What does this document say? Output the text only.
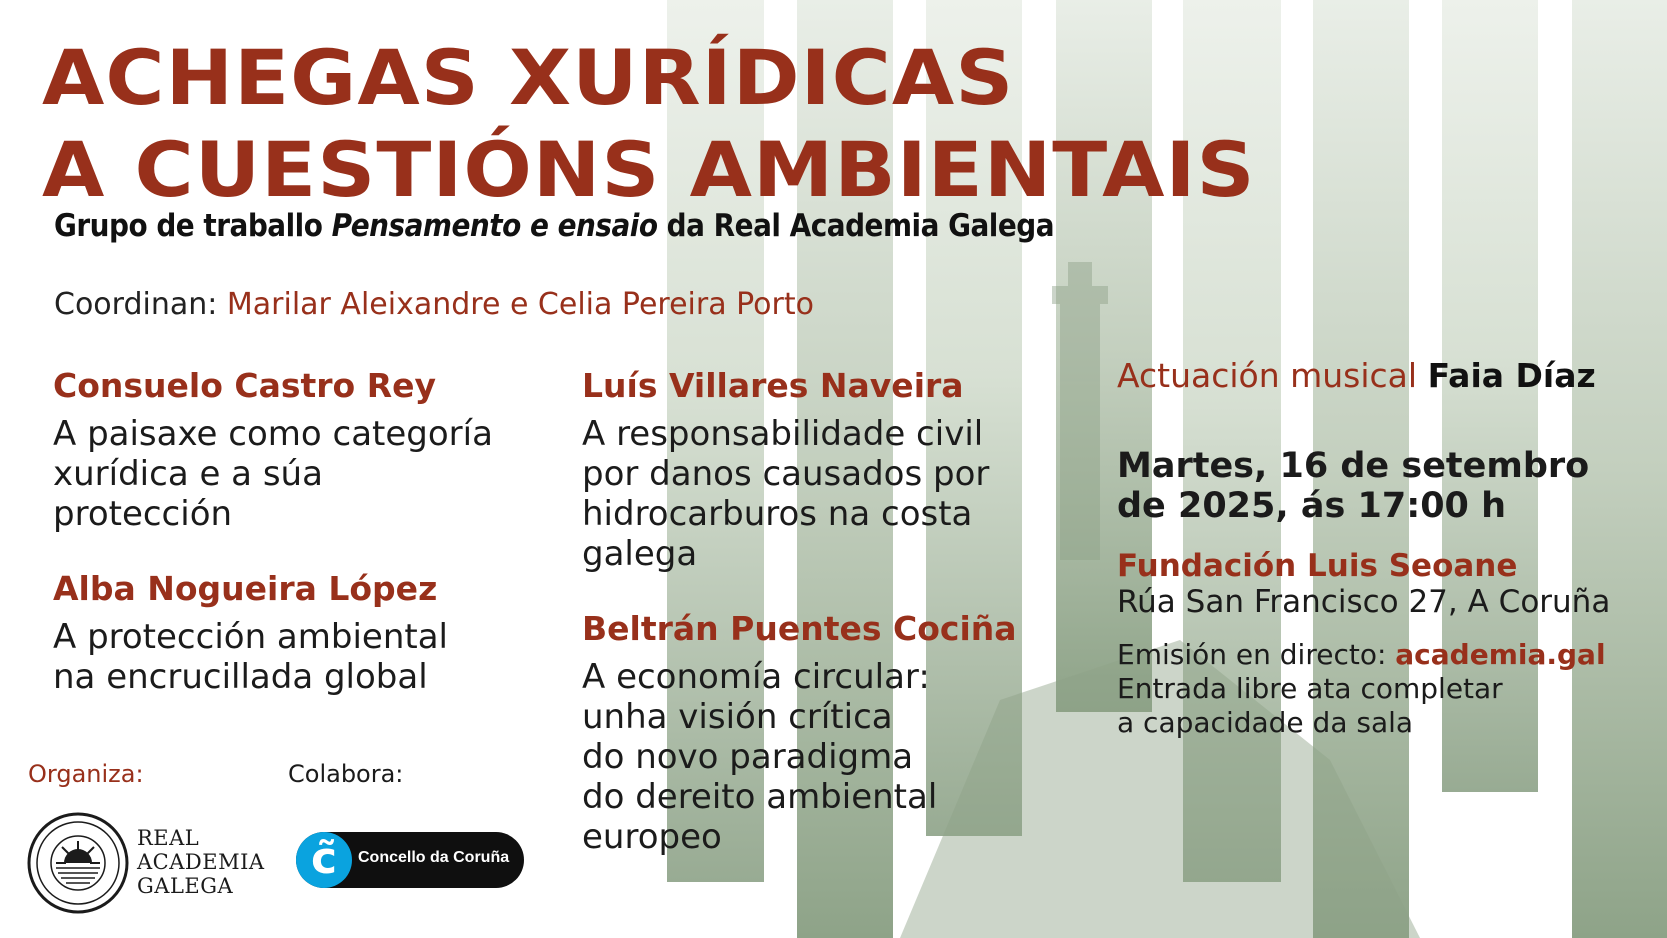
ACHEGAS XURÍDICAS
A CUESTIÓNS AMBIENTAIS
Grupo de traballo Pensamento e ensaio da Real Academia Galega
Coordinan: Marilar Aleixandre e Celia Pereira Porto
Consuelo Castro Rey
A paisaxe como categoría
xurídica e a súa
protección
Alba Nogueira López
A protección ambiental
na encrucillada global
Luís Villares Naveira
A responsabilidade civil
por danos causados por
hidrocarburos na costa
galega
Beltrán Puentes Cociña
A economía circular:
unha visión crítica
do novo paradigma
do dereito ambiental
europeo
Actuación musical Faia Díaz
Martes, 16 de setembro
de 2025, ás 17:00 h
Fundación Luis Seoane
Rúa San Francisco 27, A Coruña
Emisión en directo: academia.gal
Entrada libre ata completar
a capacidade da sala
Organiza:	Colabora:
REAL
ACADEMIA
GALEGA
c̃	Concello da Coruña
